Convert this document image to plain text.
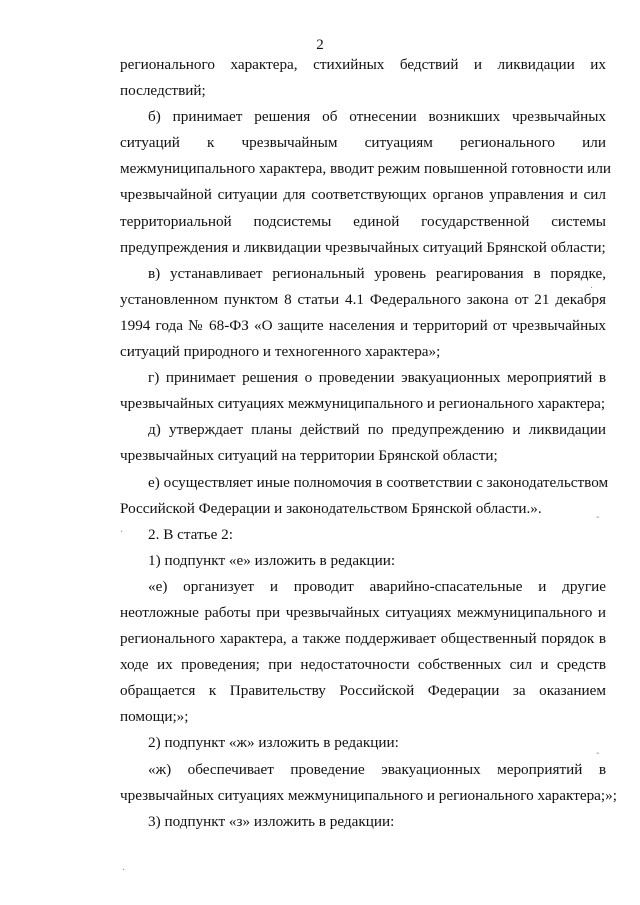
2

регионального характера, стихийных бедствий и ликвидации их
последствий;

б) принимает решения об отнесении возникших чрезвычайных
ситуаций к чрезвычайным ситуациям регионального или
межмуниципального характера, вводит режим повышенной готовности или
чрезвычайной ситуации для соответствующих органов управления и сил
территориальной подсистемы единой государственной системы
предупреждения и ликвидации чрезвычайных ситуаций Брянской области;

в) устанавливает региональный уровень реагирования в порядке,
установленном пунктом 8 статьи 4.1 Федерального закона от 21 декабря
1994 года № 68-ФЗ «О защите населения и территорий от чрезвычайных
ситуаций природного и техногенного характера»;

г) принимает решения о проведении эвакуационных мероприятий в
чрезвычайных ситуациях межмуниципального и регионального характера;

д) утверждает планы действий по предупреждению и ликвидации
чрезвычайных ситуаций на территории Брянской области;

е) осуществляет иные полномочия в соответствии с законодательством
Российской Федерации и законодательством Брянской области.».

2. В статье 2:

1) подпункт «е» изложить в редакции:

«е) организует и проводит аварийно-спасательные и другие
неотложные работы при чрезвычайных ситуациях межмуниципального и
регионального характера, а также поддерживает общественный порядок в
ходе их проведения; при недостаточности собственных сил и средств
обращается к Правительству Российской Федерации за оказанием
помощи;»;

2) подпункт «ж» изложить в редакции:

«ж) обеспечивает проведение эвакуационных мероприятий в
чрезвычайных ситуациях межмуниципального и регионального характера;»;

3) подпункт «з» изложить в редакции:

·
-
.
-
·
